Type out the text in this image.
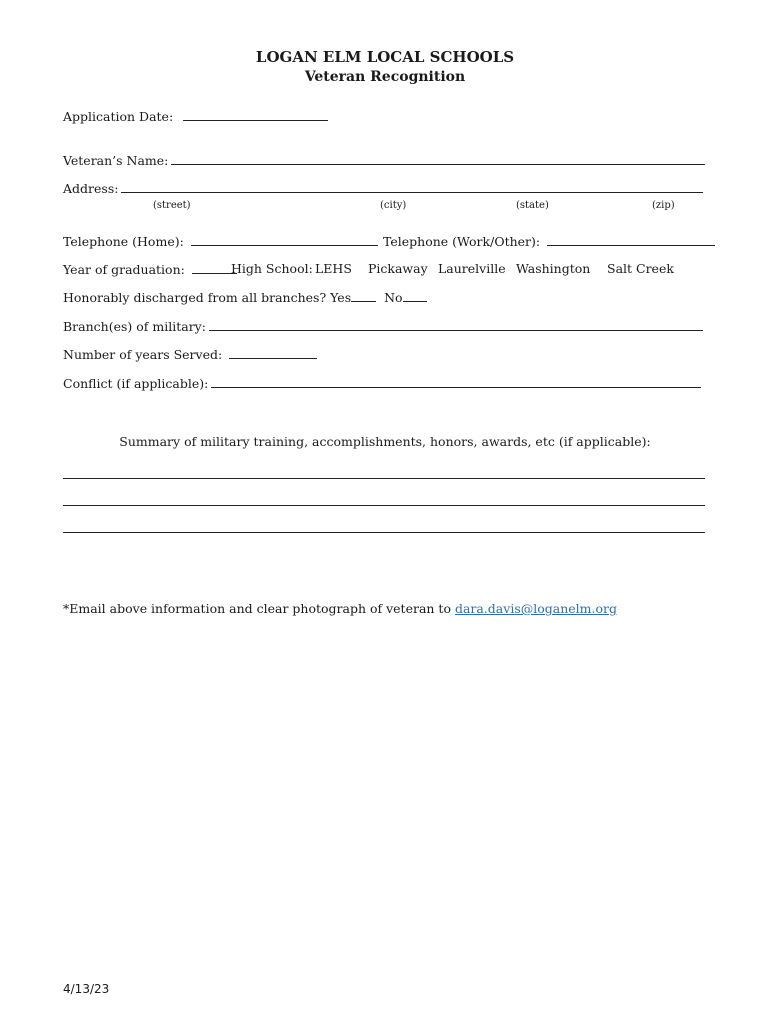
LOGAN ELM LOCAL SCHOOLS
Veteran Recognition
Application Date:
Veteran’s Name:
Address:
(street)	(city)	(state)	(zip)
Telephone (Home):	Telephone (Work/Other):
Year of graduation:	High School: LEHS Pickaway Laurelville Washington Salt Creek
Honorably discharged from all branches? Yes	No
Branch(es) of military:
Number of years Served:
Conflict (if applicable):
Summary of military training, accomplishments, honors, awards, etc (if applicable):
*Email above information and clear photograph of veteran to dara.davis@loganelm.org
4/13/23
